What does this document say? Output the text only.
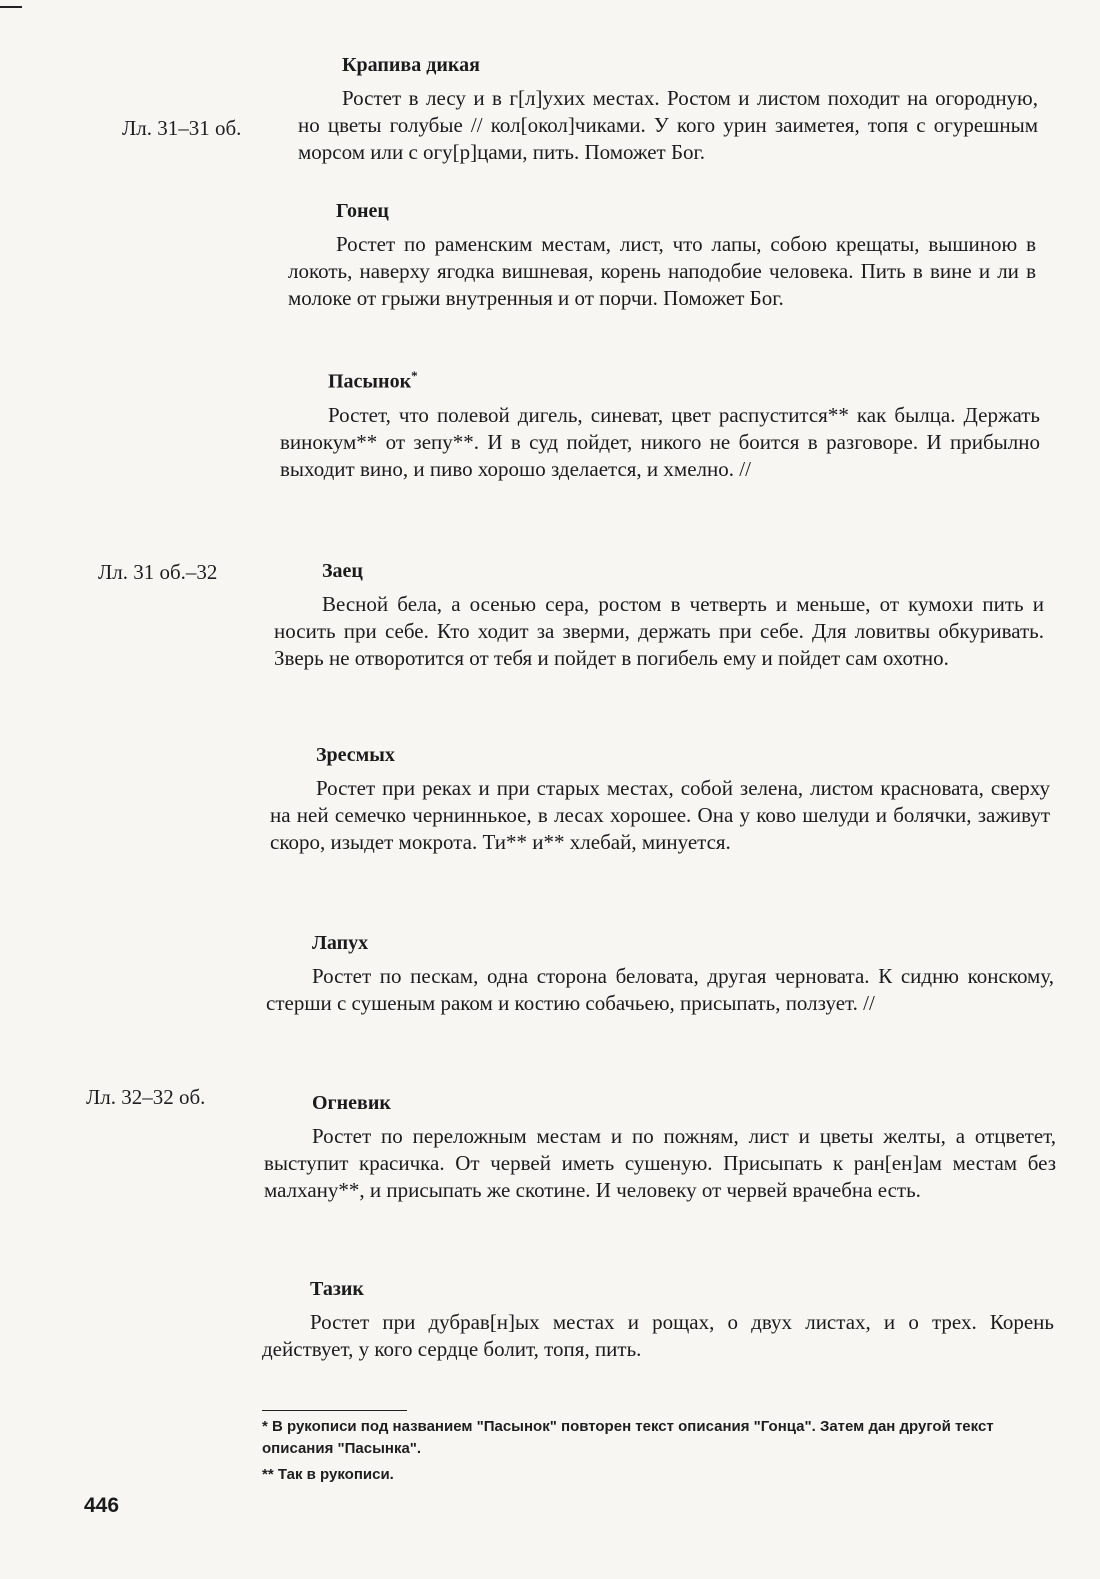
Лл. 31–31 об.
Лл. 31 об.–32
Лл. 32–32 об.
Крапива дикая

Ростет в лесу и в г[л]ухих местах. Ростом и листом походит на огородную, но цветы голубые // кол[окол]чиками. У кого урин заиметея, топя с огурешным морсом или с огу[р]цами, пить. Поможет Бог.

Гонец

Ростет по раменским местам, лист, что лапы, собою крещаты, вышиною в локоть, наверху ягодка вишневая, корень наподобие человека. Пить в вине и ли в молоке от грыжи внутренныя и от порчи. Поможет Бог.

Пасынок*

Ростет, что полевой дигель, синеват, цвет распустится** как былца. Держать винокум** от зепу**. И в суд пойдет, никого не боится в разговоре. И прибылно выходит вино, и пиво хорошо зделается, и хмелно. //

Заец

Весной бела, а осенью сера, ростом в четверть и меньше, от кумохи пить и носить при себе. Кто ходит за зверми, держать при себе. Для ловитвы обкуривать. Зверь не отворотится от тебя и пойдет в погибель ему и пойдет сам охотно.

Зресмых

Ростет при реках и при старых местах, собой зелена, листом красновата, сверху на ней семечко черниннькое, в лесах хорошее. Она у ково шелуди и болячки, заживут скоро, изыдет мокрота. Ти** и** хлебай, минуется.

Лапух

Ростет по пескам, одна сторона беловата, другая черновата. К сидню конскому, стерши с сушеным раком и костию собачьею, присыпать, ползует. //

Огневик

Ростет по переложным местам и по пожням, лист и цветы желты, а отцветет, выступит красичка. От червей иметь сушеную. Присыпать к ран[ен]ам местам без малхану**, и присыпать же скотине. И человеку от червей врачебна есть.

Тазик

Ростет при дубрав[н]ых местах и рощах, о двух листах, и о трех. Корень действует, у кого сердце болит, топя, пить.

* В рукописи под названием "Пасынок" повторен текст описания "Гонца". Затем дан другой текст описания "Пасынка".
** Так в рукописи.
446
